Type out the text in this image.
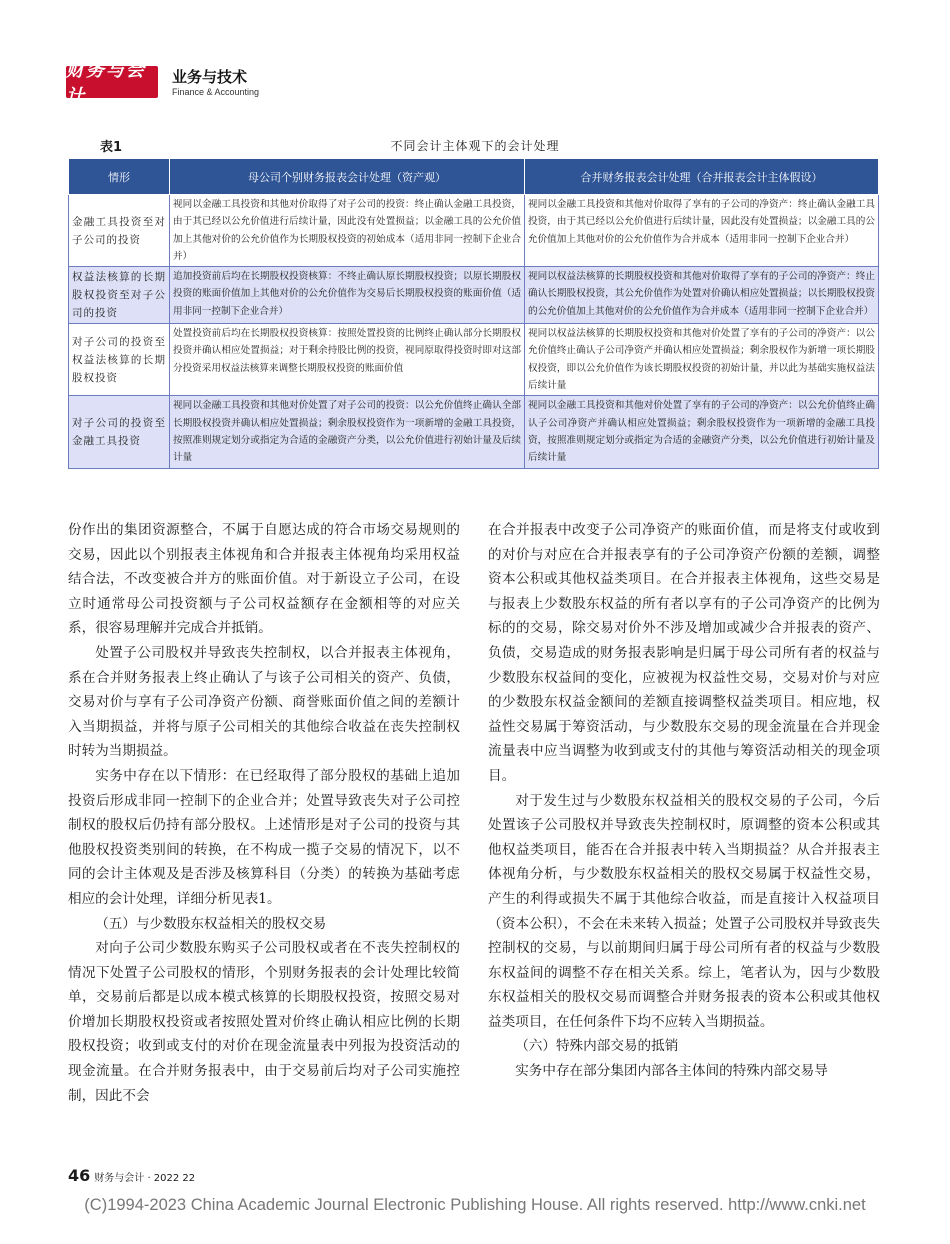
财务与会计
业务与技术
Finance & Accounting
表1	不同会计主体观下的会计处理
情形	母公司个别财务报表会计处理（资产观）	合并财务报表会计处理（合并报表会计主体假设）
金融工具投资至对子公司的投资	视同以金融工具投资和其他对价取得了对子公司的投资：终止确认金融工具投资，由于其已经以公允价值进行后续计量，因此没有处置损益；以金融工具的公允价值加上其他对价的公允价值作为长期股权投资的初始成本（适用非同一控制下企业合并）	视同以金融工具投资和其他对价取得了享有的子公司的净资产：终止确认金融工具投资，由于其已经以公允价值进行后续计量，因此没有处置损益；以金融工具的公允价值加上其他对价的公允价值作为合并成本（适用非同一控制下企业合并）
权益法核算的长期股权投资至对子公司的投资	追加投资前后均在长期股权投资核算：不终止确认原长期股权投资；以原长期股权投资的账面价值加上其他对价的公允价值作为交易后长期股权投资的账面价值（适用非同一控制下企业合并）	视同以权益法核算的长期股权投资和其他对价取得了享有的子公司的净资产：终止确认长期股权投资，其公允价值作为处置对价确认相应处置损益；以长期股权投资的公允价值加上其他对价的公允价值作为合并成本（适用非同一控制下企业合并）
对子公司的投资至权益法核算的长期股权投资	处置投资前后均在长期股权投资核算：按照处置投资的比例终止确认部分长期股权投资并确认相应处置损益；对于剩余持股比例的投资，视同原取得投资时即对这部分投资采用权益法核算来调整长期股权投资的账面价值	视同以权益法核算的长期股权投资和其他对价处置了享有的子公司的净资产：以公允价值终止确认子公司净资产并确认相应处置损益；剩余股权作为新增一项长期股权投资，即以公允价值作为该长期股权投资的初始计量，并以此为基础实施权益法后续计量
对子公司的投资至金融工具投资	视同以金融工具投资和其他对价处置了对子公司的投资：以公允价值终止确认全部长期股权投资并确认相应处置损益；剩余股权投资作为一项新增的金融工具投资，按照准则规定划分或指定为合适的金融资产分类，以公允价值进行初始计量及后续计量	视同以金融工具投资和其他对价处置了享有的子公司的净资产：以公允价值终止确认子公司净资产并确认相应处置损益；剩余股权投资作为一项新增的金融工具投资，按照准则规定划分或指定为合适的金融资产分类，以公允价值进行初始计量及后续计量

份作出的集团资源整合，不属于自愿达成的符合市场交易规则的交易，因此以个别报表主体视角和合并报表主体视角均采用权益结合法，不改变被合并方的账面价值。对于新设立子公司，在设立时通常母公司投资额与子公司权益额存在金额相等的对应关系，很容易理解并完成合并抵销。

处置子公司股权并导致丧失控制权，以合并报表主体视角，系在合并财务报表上终止确认了与该子公司相关的资产、负债，交易对价与享有子公司净资产份额、商誉账面价值之间的差额计入当期损益，并将与原子公司相关的其他综合收益在丧失控制权时转为当期损益。

实务中存在以下情形：在已经取得了部分股权的基础上追加投资后形成非同一控制下的企业合并；处置导致丧失对子公司控制权的股权后仍持有部分股权。上述情形是对子公司的投资与其他股权投资类别间的转换，在不构成一揽子交易的情况下，以不同的会计主体观及是否涉及核算科目（分类）的转换为基础考虑相应的会计处理，详细分析见表1。

（五）与少数股东权益相关的股权交易

对向子公司少数股东购买子公司股权或者在不丧失控制权的情况下处置子公司股权的情形，个别财务报表的会计处理比较简单，交易前后都是以成本模式核算的长期股权投资，按照交易对价增加长期股权投资或者按照处置对价终止确认相应比例的长期股权投资；收到或支付的对价在现金流量表中列报为投资活动的现金流量。在合并财务报表中，由于交易前后均对子公司实施控制，因此不会

在合并报表中改变子公司净资产的账面价值，而是将支付或收到的对价与对应在合并报表享有的子公司净资产份额的差额，调整资本公积或其他权益类项目。在合并报表主体视角，这些交易是与报表上少数股东权益的所有者以享有的子公司净资产的比例为标的的交易，除交易对价外不涉及增加或减少合并报表的资产、负债，交易造成的财务报表影响是归属于母公司所有者的权益与少数股东权益间的变化，应被视为权益性交易，交易对价与对应的少数股东权益金额间的差额直接调整权益类项目。相应地，权益性交易属于筹资活动，与少数股东交易的现金流量在合并现金流量表中应当调整为收到或支付的其他与筹资活动相关的现金项目。

对于发生过与少数股东权益相关的股权交易的子公司，今后处置该子公司股权并导致丧失控制权时，原调整的资本公积或其他权益类项目，能否在合并报表中转入当期损益？从合并报表主体视角分析，与少数股东权益相关的股权交易属于权益性交易，产生的利得或损失不属于其他综合收益，而是直接计入权益项目（资本公积），不会在未来转入损益；处置子公司股权并导致丧失控制权的交易，与以前期间归属于母公司所有者的权益与少数股东权益间的调整不存在相关关系。综上，笔者认为，因与少数股东权益相关的股权交易而调整合并财务报表的资本公积或其他权益类项目，在任何条件下均不应转入当期损益。

（六）特殊内部交易的抵销

实务中存在部分集团内部各主体间的特殊内部交易导

46 财务与会计 · 2022 22
(C)1994-2023 China Academic Journal Electronic Publishing House. All rights reserved. http://www.cnki.net
